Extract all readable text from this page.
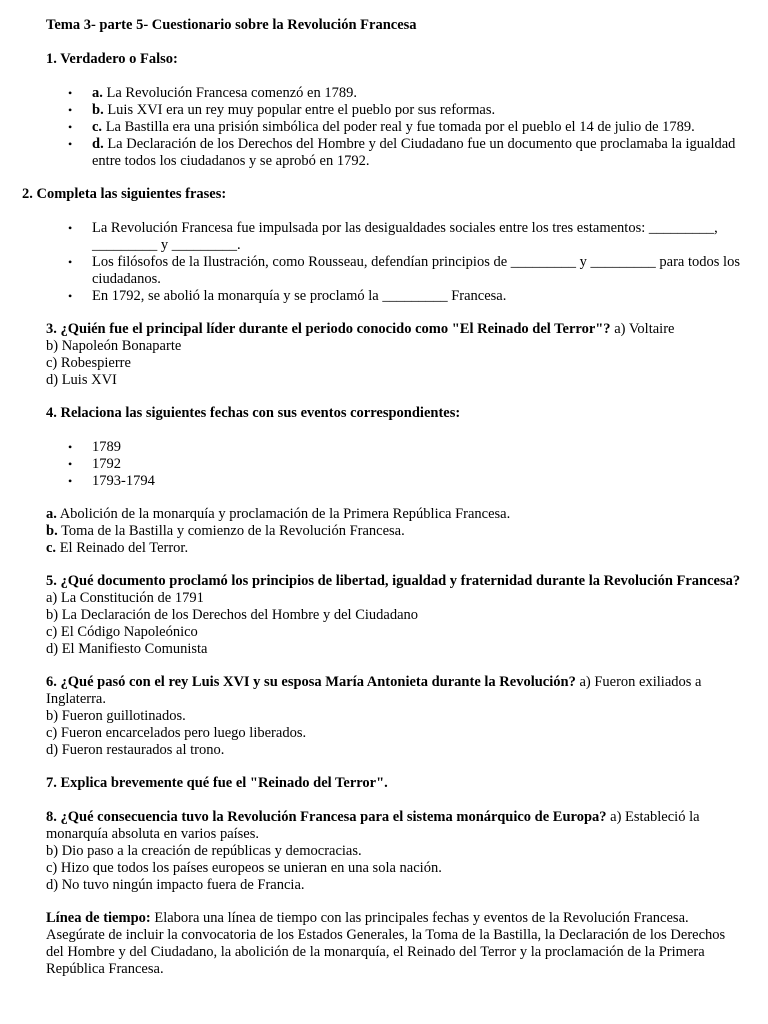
Tema 3- parte 5- Cuestionario sobre la Revolución Francesa

1. Verdadero o Falso:

• a. La Revolución Francesa comenzó en 1789.
• b. Luis XVI era un rey muy popular entre el pueblo por sus reformas.
• c. La Bastilla era una prisión simbólica del poder real y fue tomada por el pueblo el 14 de julio de 1789.
• d. La Declaración de los Derechos del Hombre y del Ciudadano fue un documento que proclamaba la igualdad entre todos los ciudadanos y se aprobó en 1792.

2. Completa las siguientes frases:

• La Revolución Francesa fue impulsada por las desigualdades sociales entre los tres estamentos: _________, _________ y _________.
• Los filósofos de la Ilustración, como Rousseau, defendían principios de _________ y _________ para todos los ciudadanos.
• En 1792, se abolió la monarquía y se proclamó la _________ Francesa.
3. ¿Quién fue el principal líder durante el periodo conocido como "El Reinado del Terror"? a) Voltaire
b) Napoleón Bonaparte
c) Robespierre
d) Luis XVI

4. Relaciona las siguientes fechas con sus eventos correspondientes:

• 1789
• 1792
• 1793-1794
a. Abolición de la monarquía y proclamación de la Primera República Francesa.
b. Toma de la Bastilla y comienzo de la Revolución Francesa.
c. El Reinado del Terror.
5. ¿Qué documento proclamó los principios de libertad, igualdad y fraternidad durante la Revolución Francesa? a) La Constitución de 1791
b) La Declaración de los Derechos del Hombre y del Ciudadano
c) El Código Napoleónico
d) El Manifiesto Comunista
6. ¿Qué pasó con el rey Luis XVI y su esposa María Antonieta durante la Revolución? a) Fueron exiliados a Inglaterra.
b) Fueron guillotinados.
c) Fueron encarcelados pero luego liberados.
d) Fueron restaurados al trono.

7. Explica brevemente qué fue el "Reinado del Terror".

8. ¿Qué consecuencia tuvo la Revolución Francesa para el sistema monárquico de Europa? a) Estableció la monarquía absoluta en varios países.
b) Dio paso a la creación de repúblicas y democracias.
c) Hizo que todos los países europeos se unieran en una sola nación.
d) No tuvo ningún impacto fuera de Francia.
Línea de tiempo: Elabora una línea de tiempo con las principales fechas y eventos de la Revolución Francesa. Asegúrate de incluir la convocatoria de los Estados Generales, la Toma de la Bastilla, la Declaración de los Derechos del Hombre y del Ciudadano, la abolición de la monarquía, el Reinado del Terror y la proclamación de la Primera República Francesa.
